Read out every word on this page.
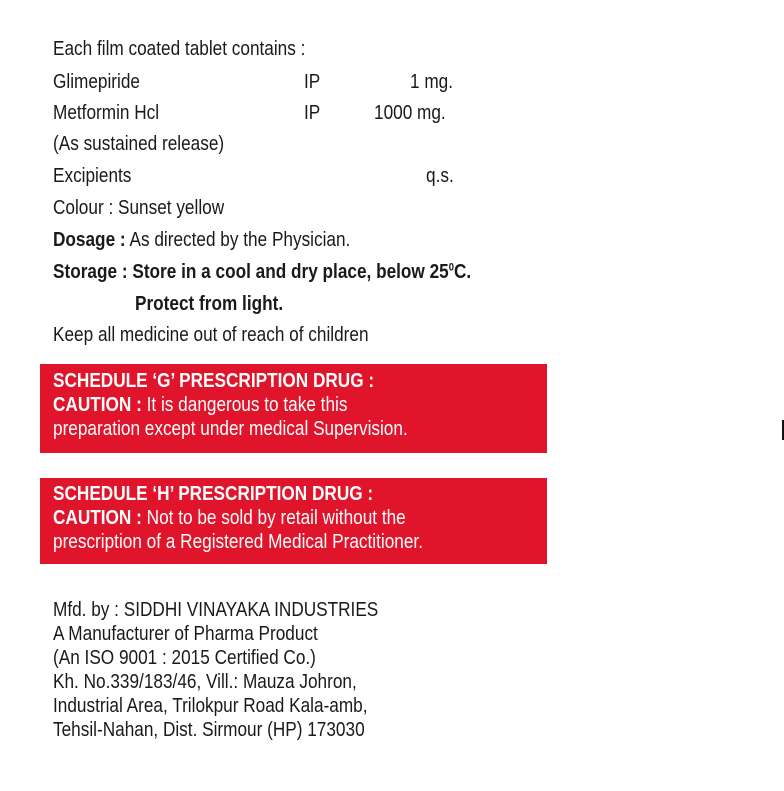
Each film coated tablet contains :
Glimepiride	IP	1 mg.
Metformin Hcl	IP	1000 mg.
(As sustained release)
Excipients	q.s.
Colour : Sunset yellow
Dosage : As directed by the Physician.
Storage : Store in a cool and dry place, below $25^0C$.
Protect from light.
Keep all medicine out of reach of children
SCHEDULE ‘G’ PRESCRIPTION DRUG :
CAUTION : It is dangerous to take this
preparation except under medical Supervision.
SCHEDULE ‘H’ PRESCRIPTION DRUG :
CAUTION : Not to be sold by retail without the
prescription of a Registered Medical Practitioner.
Mfd. by : SIDDHI VINAYAKA INDUSTRIES
A Manufacturer of Pharma Product
(An ISO 9001 : 2015 Certified Co.)
Kh. No.339/183/46, Vill.: Mauza Johron,
Industrial Area, Trilokpur Road Kala-amb,
Tehsil-Nahan, Dist. Sirmour (HP) 173030
